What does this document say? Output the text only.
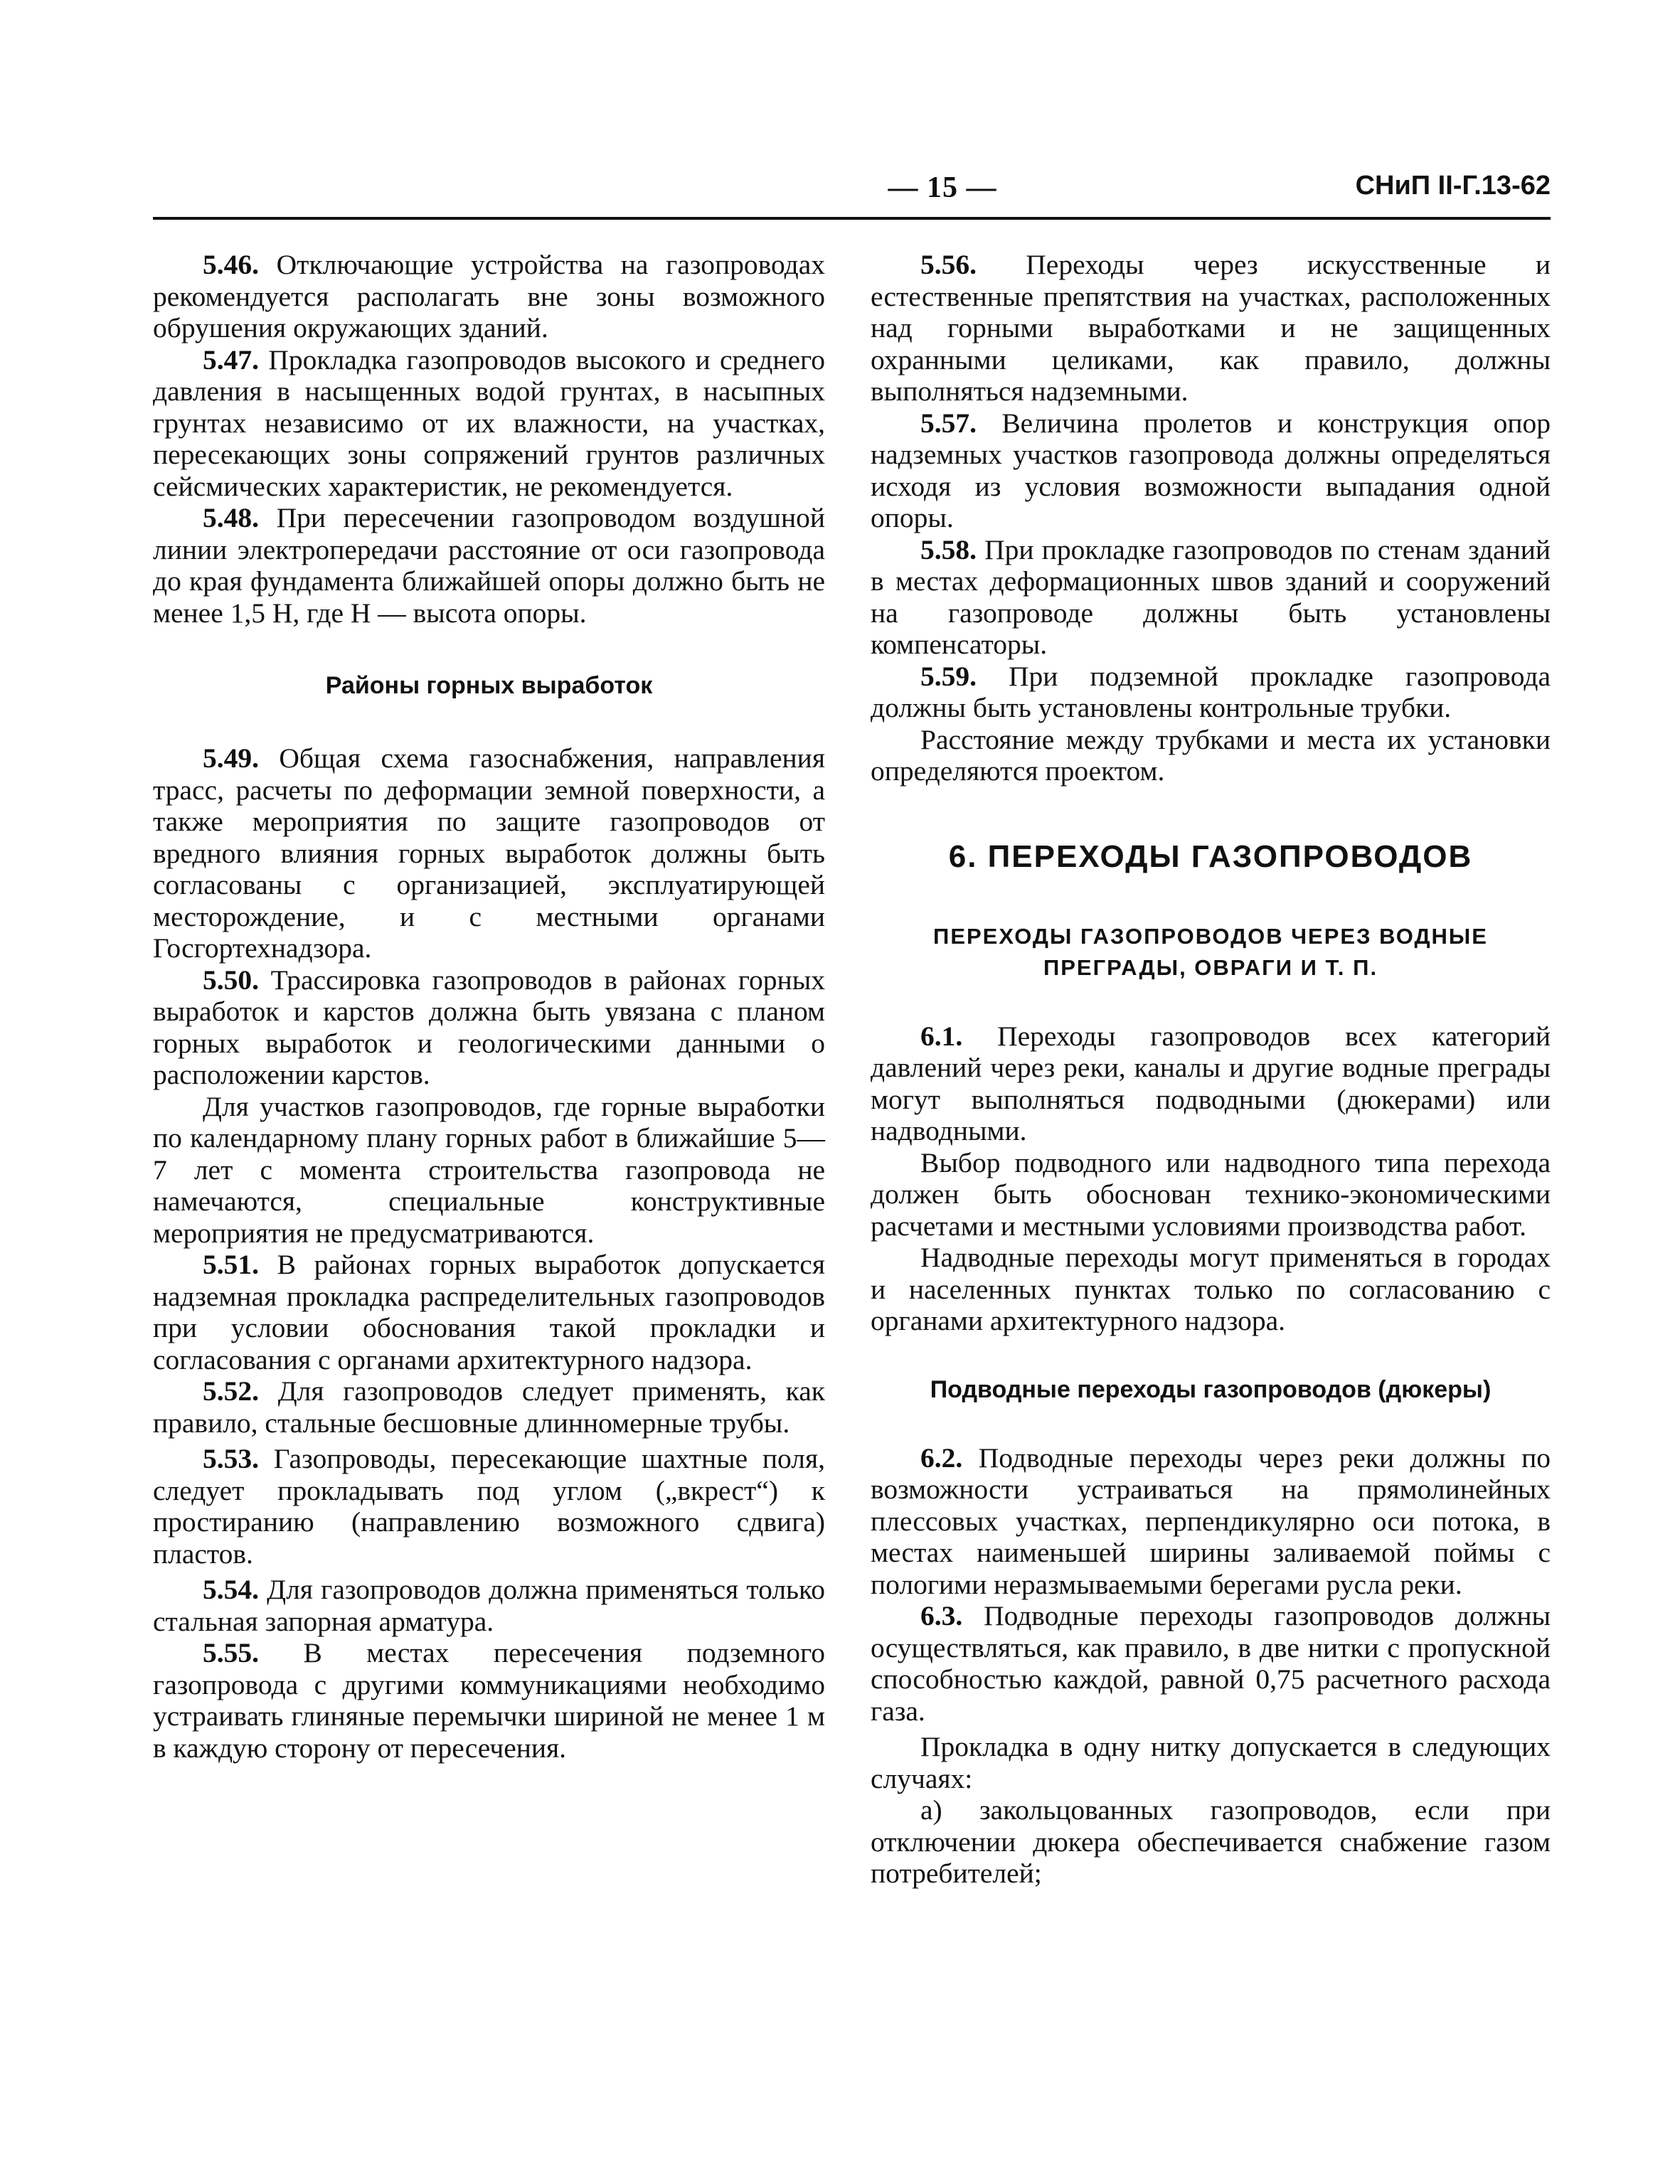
— 15 —	СНиП II-Г.13-62

5.46. Отключающие устройства на газопроводах рекомендуется располагать вне зоны возможного обрушения окружающих зданий.

5.47. Прокладка газопроводов высокого и среднего давления в насыщенных водой грунтах, в насыпных грунтах независимо от их влажности, на участках, пересекающих зоны сопряжений грунтов различных сейсмических характеристик, не рекомендуется.

5.48. При пересечении газопроводом воздушной линии электропередачи расстояние от оси газопровода до края фундамента ближайшей опоры должно быть не менее 1,5 H, где H — высота опоры.

Районы горных выработок

5.49. Общая схема газоснабжения, направления трасс, расчеты по деформации земной поверхности, а также мероприятия по защите газопроводов от вредного влияния горных выработок должны быть согласованы с организацией, эксплуатирующей месторождение, и с местными органами Госгортехнадзора.

5.50. Трассировка газопроводов в районах горных выработок и карстов должна быть увязана с планом горных выработок и геологическими данными о расположении карстов.

Для участков газопроводов, где горные выработки по календарному плану горных работ в ближайшие 5—7 лет с момента строительства газопровода не намечаются, специальные конструктивные мероприятия не предусматриваются.

5.51. В районах горных выработок допускается надземная прокладка распределительных газопроводов при условии обоснования такой прокладки и согласования с органами архитектурного надзора.

5.52. Для газопроводов следует применять, как правило, стальные бесшовные длинномерные трубы.

5.53. Газопроводы, пересекающие шахтные поля, следует прокладывать под углом („вкрест“) к простиранию (направлению возможного сдвига) пластов.

5.54. Для газопроводов должна применяться только стальная запорная арматура.

5.55. В местах пересечения подземного газопровода с другими коммуникациями необходимо устраивать глиняные перемычки шириной не менее 1 м в каждую сторону от пересечения.

5.56. Переходы через искусственные и естественные препятствия на участках, расположенных над горными выработками и не защищенных охранными целиками, как правило, должны выполняться надземными.

5.57. Величина пролетов и конструкция опор надземных участков газопровода должны определяться исходя из условия возможности выпадания одной опоры.

5.58. При прокладке газопроводов по стенам зданий в местах деформационных швов зданий и сооружений на газопроводе должны быть установлены компенсаторы.

5.59. При подземной прокладке газопровода должны быть установлены контрольные трубки.

Расстояние между трубками и места их установки определяются проектом.

6. ПЕРЕХОДЫ ГАЗОПРОВОДОВ
ПЕРЕХОДЫ ГАЗОПРОВОДОВ ЧЕРЕЗ ВОДНЫЕ ПРЕГРАДЫ, ОВРАГИ И Т. П.

6.1. Переходы газопроводов всех категорий давлений через реки, каналы и другие водные преграды могут выполняться подводными (дюкерами) или надводными.

Выбор подводного или надводного типа перехода должен быть обоснован технико-экономическими расчетами и местными условиями производства работ.

Надводные переходы могут применяться в городах и населенных пунктах только по согласованию с органами архитектурного надзора.

Подводные переходы газопроводов (дюкеры)

6.2. Подводные переходы через реки должны по возможности устраиваться на прямолинейных плессовых участках, перпендикулярно оси потока, в местах наименьшей ширины заливаемой поймы с пологими неразмываемыми берегами русла реки.

6.3. Подводные переходы газопроводов должны осуществляться, как правило, в две нитки с пропускной способностью каждой, равной 0,75 расчетного расхода газа.

Прокладка в одну нитку допускается в следующих случаях:

а) закольцованных газопроводов, если при отключении дюкера обеспечивается снабжение газом потребителей;
